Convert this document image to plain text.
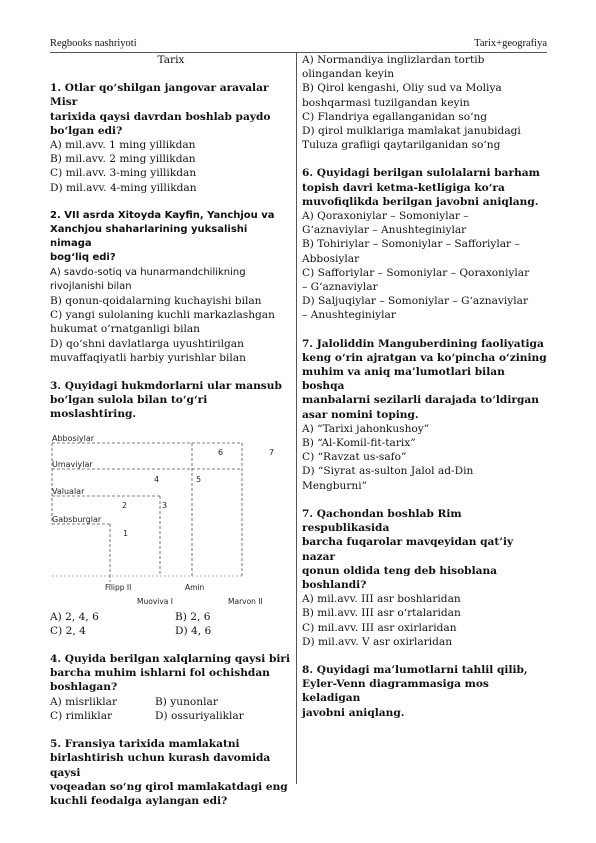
Regbooks nashriyoti	Tarix+geografiya
Tarix
1. Otlar qo‘shilgan jangovar aravalar Misr
tarixida qaysi davrdan boshlab paydo
bo‘lgan edi?
A) mil.avv. 1 ming yillikdan
B) mil.avv. 2 ming yillikdan
C) mil.avv. 3-ming yillikdan
D) mil.avv. 4-ming yillikdan
2. VII asrda Xitoyda Kayfin, Yanchjou va
Xanchjou shaharlarining yuksalishi nimaga
bog‘liq edi?
A) savdo-sotiq va hunarmandchilikning
rivojlanishi bilan
B) qonun-qoidalarning kuchayishi bilan
C) yangi sulolaning kuchli markazlashgan
hukumat o‘rnatganligi bilan
D) qo‘shni davlatlarga uyushtirilgan
muvaffaqiyatli harbiy yurishlar bilan
3. Quyidagi hukmdorlarni ular mansub
bo‘lgan sulola bilan to‘g‘ri moslashtiring.
Abbosiylar
Umaviylar
Valualar
Gabsburglar
1
2	3
4	5
6	7
Filipp II	Amin
Muoviya I	Marvon II
A) 2, 4, 6	B) 2, 6
C) 2, 4	D) 4, 6
4. Quyida berilgan xalqlarning qaysi biri
barcha muhim ishlarni fol ochishdan
boshlagan?
A) misrliklar	B) yunonlar
C) rimliklar	D) ossuriyaliklar
5. Fransiya tarixida mamlakatni
birlashtirish uchun kurash davomida qaysi
voqeadan so‘ng qirol mamlakatdagi eng
kuchli feodalga aylangan edi?
A) Normandiya inglizlardan tortib
olingandan keyin
B) Qirol kengashi, Oliy sud va Moliya
boshqarmasi tuzilgandan keyin
C) Flandriya egallanganidan so‘ng
D) qirol mulklariga mamlakat janubidagi
Tuluza grafligi qaytarilganidan so‘ng
6. Quyidagi berilgan sulolalarni barham
topish davri ketma-ketligiga ko‘ra
muvofiqlikda berilgan javobni aniqlang.
A) Qoraxoniylar – Somoniylar –
G‘aznaviylar – Anushteginiylar
B) Tohiriylar – Somoniylar – Safforiylar –
Abbosiylar
C) Safforiylar – Somoniylar – Qoraxoniylar
– G‘aznaviylar
D) Saljuqiylar – Somoniylar – G‘aznaviylar
– Anushteginiylar
7. Jaloliddin Manguberdining faoliyatiga
keng o‘rin ajratgan va ko‘pincha o‘zining
muhim va aniq ma’lumotlari bilan boshqa
manbalarni sezilarli darajada to‘ldirgan
asar nomini toping.
A) “Tarixi jahonkushoy”
B) “Al-Komil-fit-tarix”
C) “Ravzat us-safo”
D) “Siyrat as-sulton Jalol ad-Din
Mengburni”
7. Qachondan boshlab Rim respublikasida
barcha fuqarolar mavqeyidan qat’iy nazar
qonun oldida teng deb hisoblana boshlandi?
A) mil.avv. III asr boshlaridan
B) mil.avv. III asr o‘rtalaridan
C) mil.avv. III asr oxirlaridan
D) mil.avv. V asr oxirlaridan
8. Quyidagi ma’lumotlarni tahlil qilib,
Eyler-Venn diagrammasiga mos keladigan
javobni aniqlang.
